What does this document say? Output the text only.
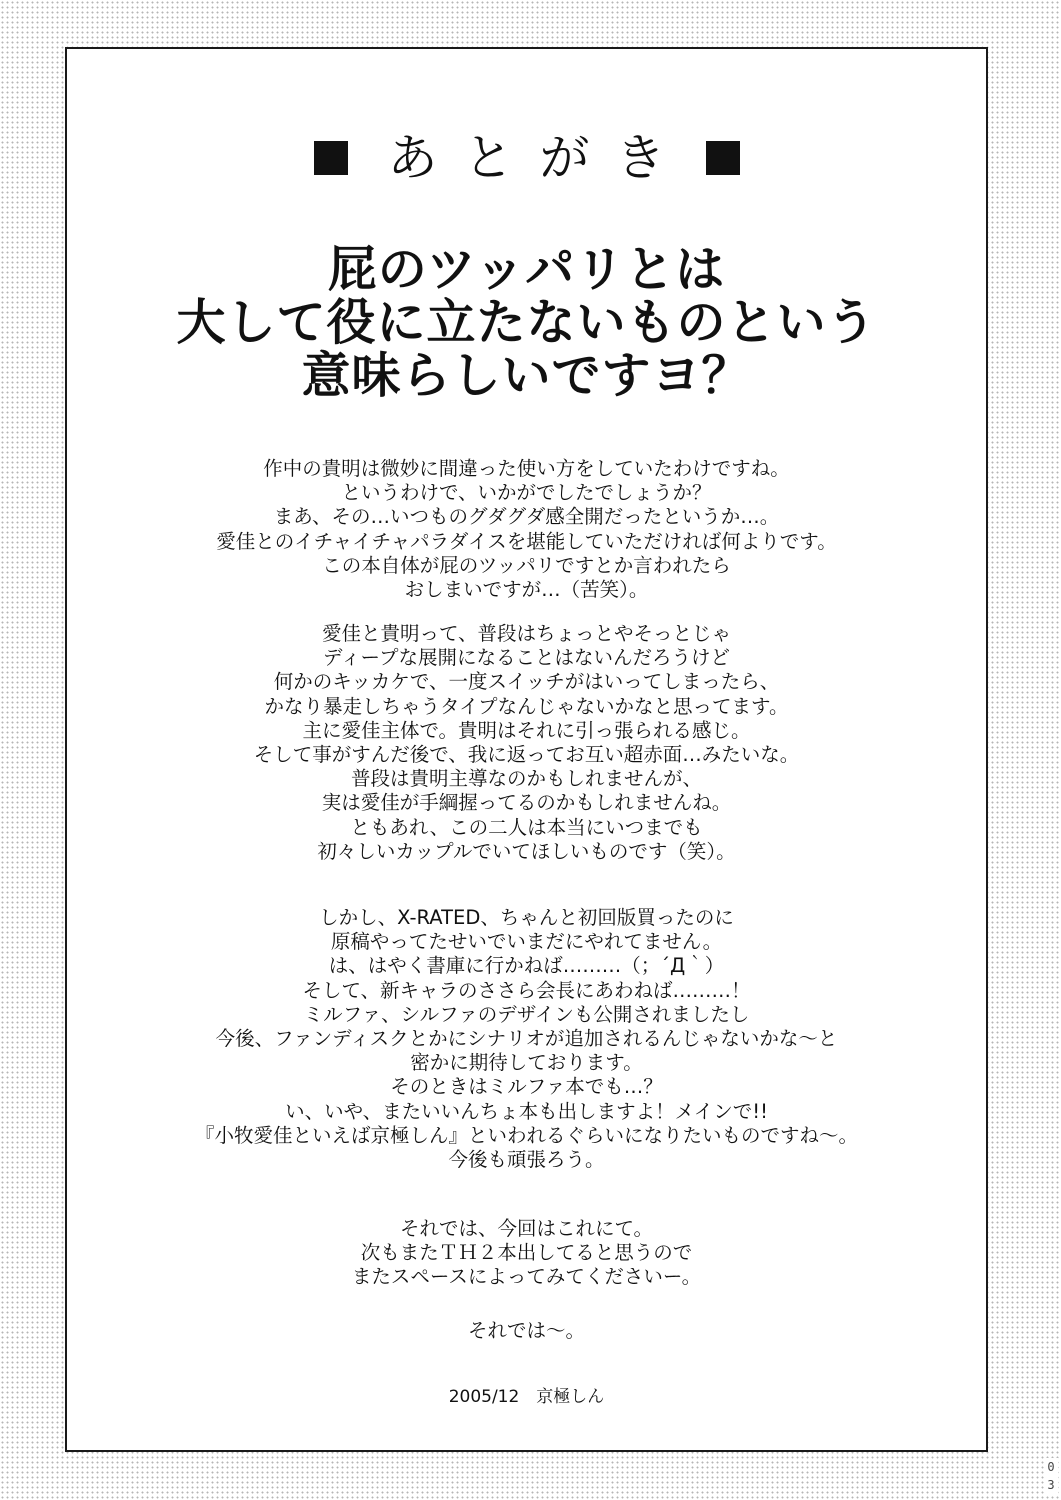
あとがき
屁のツッパリとは
大して役に立たないものという
意味らしいですヨ？
作中の貴明は微妙に間違った使い方をしていたわけですね。
というわけで、いかがでしたでしょうか？
まあ、その…いつものグダグダ感全開だったというか…。
愛佳とのイチャイチャパラダイスを堪能していただければ何よりです。
この本自体が屁のツッパリですとか言われたら
おしまいですが…（苦笑）。
愛佳と貴明って、普段はちょっとやそっとじゃ
ディープな展開になることはないんだろうけど
何かのキッカケで、一度スイッチがはいってしまったら、
かなり暴走しちゃうタイプなんじゃないかなと思ってます。
主に愛佳主体で。貴明はそれに引っ張られる感じ。
そして事がすんだ後で、我に返ってお互い超赤面…みたいな。
普段は貴明主導なのかもしれませんが、
実は愛佳が手綱握ってるのかもしれませんね。
ともあれ、この二人は本当にいつまでも
初々しいカップルでいてほしいものです（笑）。
しかし、X-RATED、ちゃんと初回版買ったのに
原稿やってたせいでいまだにやれてません。
は、はやく書庫に行かねば………（；´Д｀）
そして、新キャラのささら会長にあわねば………！
ミルファ、シルファのデザインも公開されましたし
今後、ファンディスクとかにシナリオが追加されるんじゃないかな～と
密かに期待しております。
そのときはミルファ本でも…？
い、いや、またいいんちょ本も出しますよ！メインで!!
『小牧愛佳といえば京極しん』といわれるぐらいになりたいものですね～。
今後も頑張ろう。
それでは、今回はこれにて。
次もまたＴＨ２本出してると思うので
またスペースによってみてくださいー。
それでは～。
2005/12　京極しん
0
3
